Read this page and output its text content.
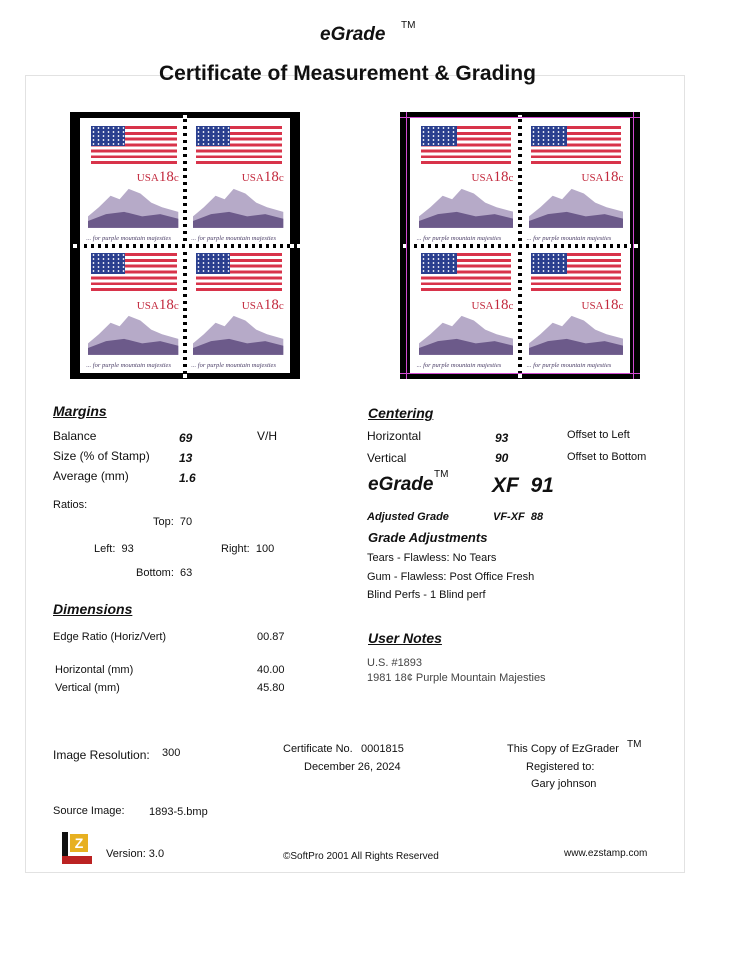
eGrade TM
Certificate of Measurement & Grading
USA18c
... for purple mountain majesties
USA18c
... for purple mountain majesties
USA18c
... for purple mountain majesties
USA18c
... for purple mountain majesties
USA18c
... for purple mountain majesties
USA18c
... for purple mountain majesties
USA18c
... for purple mountain majesties
USA18c
... for purple mountain majesties
Margins
Balance	69	V/H
Size (% of Stamp) 13
Average (mm)	1.6
Ratios:
Top: 70
Left: 93	Right: 100
Bottom: 63
Dimensions
Edge Ratio (Horiz/Vert)	00.87
Horizontal (mm)	40.00
Vertical (mm)	45.80
Centering
Horizontal	93	Offset to Left
Vertical	90	Offset to Bottom
eGrade TM XF  91
Adjusted Grade	VF-XF  88
Grade Adjustments
Tears - Flawless: No Tears
Gum - Flawless: Post Office Fresh
Blind Perfs - 1 Blind perf
User Notes
U.S. #1893
1981 18¢ Purple Mountain Majesties
Image Resolution: 300	Certificate No. 0001815
December 26, 2024
This Copy of EzGrader TM
Registered to:
Gary johnson
Source Image: 1893-5.bmp
Z
Version: 3.0	©SoftPro 2001 All Rights Reserved	www.ezstamp.com
